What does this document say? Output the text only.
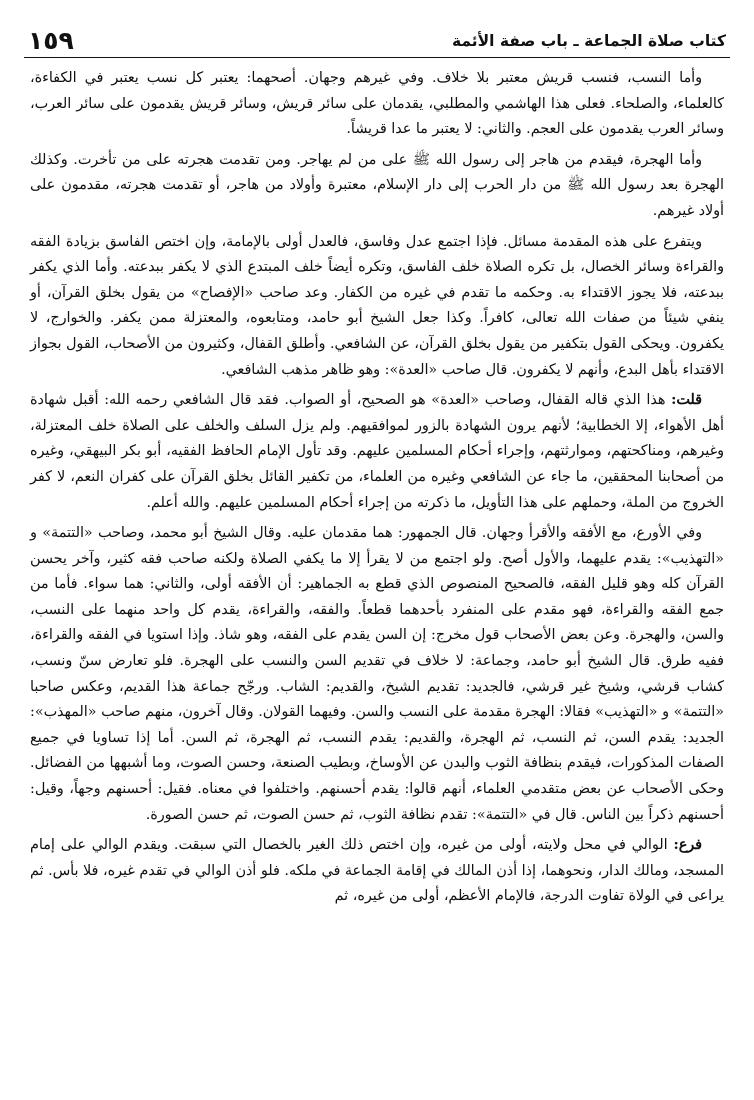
١٥٩	كتاب صلاة الجماعة ـ باب صفة الأئمة

وأما النسب، فنسب قريش معتبر بلا خلاف. وفي غيرهم وجهان. أصحهما: يعتبر كل نسب يعتبر في الكفاءة، كالعلماء، والصلحاء. فعلى هذا الهاشمي والمطلبي، يقدمان على سائر قريش، وسائر قريش يقدمون على سائر العرب، وسائر العرب يقدمون على العجم. والثاني: لا يعتبر ما عدا قريشاً.

وأما الهجرة، فيقدم من هاجر إلى رسول الله ﷺ على من لم يهاجر. ومن تقدمت هجرته على من تأخرت. وكذلك الهجرة بعد رسول الله ﷺ من دار الحرب إلى دار الإسلام، معتبرة وأولاد من هاجر، أو تقدمت هجرته، مقدمون على أولاد غيرهم.

ويتفرع على هذه المقدمة مسائل. فإذا اجتمع عدل وفاسق، فالعدل أولى بالإمامة، وإن اختص الفاسق بزيادة الفقه والقراءة وسائر الخصال، بل تكره الصلاة خلف الفاسق، وتكره أيضاً خلف المبتدع الذي لا يكفر ببدعته. وأما الذي يكفر ببدعته، فلا يجوز الاقتداء به. وحكمه ما تقدم في غيره من الكفار. وعد صاحب «الإفصاح» من يقول بخلق القرآن، أو ينفي شيئاً من صفات الله تعالى، كافراً. وكذا جعل الشيخ أبو حامد، ومتابعوه، والمعتزلة ممن يكفر. والخوارج، لا يكفرون. ويحكى القول بتكفير من يقول بخلق القرآن، عن الشافعي. وأطلق القفال، وكثيرون من الأصحاب، القول بجواز الاقتداء بأهل البدع، وأنهم لا يكفرون. قال صاحب «العدة»: وهو ظاهر مذهب الشافعي.

قلت: هذا الذي قاله القفال، وصاحب «العدة» هو الصحيح، أو الصواب. فقد قال الشافعي رحمه الله: أقبل شهادة أهل الأهواء، إلا الخطابية؛ لأنهم يرون الشهادة بالزور لموافقيهم. ولم يزل السلف والخلف على الصلاة خلف المعتزلة، وغيرهم، ومناكحتهم، وموارثتهم، وإجراء أحكام المسلمين عليهم. وقد تأول الإمام الحافظ الفقيه، أبو بكر البيهقي، وغيره من أصحابنا المحققين، ما جاء عن الشافعي وغيره من العلماء، من تكفير القائل بخلق القرآن على كفران النعم، لا كفر الخروج من الملة، وحملهم على هذا التأويل، ما ذكرته من إجراء أحكام المسلمين عليهم. والله أعلم.

وفي الأورع، مع الأفقه والأقرأ وجهان. قال الجمهور: هما مقدمان عليه. وقال الشيخ أبو محمد، وصاحب «التتمة» و «التهذيب»: يقدم عليهما، والأول أصح. ولو اجتمع من لا يقرأ إلا ما يكفي الصلاة ولكنه صاحب فقه كثير، وآخر يحسن القرآن كله وهو قليل الفقه، فالصحيح المنصوص الذي قطع به الجماهير: أن الأفقه أولى، والثاني: هما سواء. فأما من جمع الفقه والقراءة، فهو مقدم على المنفرد بأحدهما قطعاً. والفقه، والقراءة، يقدم كل واحد منهما على النسب، والسن، والهجرة. وعن بعض الأصحاب قول مخرج: إن السن يقدم على الفقه، وهو شاذ. وإذا استويا في الفقه والقراءة، ففيه طرق. قال الشيخ أبو حامد، وجماعة: لا خلاف في تقديم السن والنسب على الهجرة. فلو تعارض سنّ ونسب، كشاب قرشي، وشيخ غير قرشي، فالجديد: تقديم الشيخ، والقديم: الشاب. ورجّح جماعة هذا القديم، وعكس صاحبا «التتمة» و «التهذيب» فقالا: الهجرة مقدمة على النسب والسن. وفيهما القولان. وقال آخرون، منهم صاحب «المهذب»: الجديد: يقدم السن، ثم النسب، ثم الهجرة، والقديم: يقدم النسب، ثم الهجرة، ثم السن. أما إذا تساويا في جميع الصفات المذكورات، فيقدم بنظافة الثوب والبدن عن الأوساخ، وبطيب الصنعة، وحسن الصوت، وما أشبهها من الفضائل. وحكى الأصحاب عن بعض متقدمي العلماء، أنهم قالوا: يقدم أحسنهم. واختلفوا في معناه. فقيل: أحسنهم وجهاً، وقيل: أحسنهم ذكراً بين الناس. قال في «التتمة»: تقدم نظافة الثوب، ثم حسن الصوت، ثم حسن الصورة.

فرع: الوالي في محل ولايته، أولى من غيره، وإن اختص ذلك الغير بالخصال التي سبقت. ويقدم الوالي على إمام المسجد، ومالك الدار، ونحوهما، إذا أذن المالك في إقامة الجماعة في ملكه. فلو أذن الوالي في تقدم غيره، فلا بأس. ثم يراعى في الولاة تفاوت الدرجة، فالإمام الأعظم، أولى من غيره، ثم
